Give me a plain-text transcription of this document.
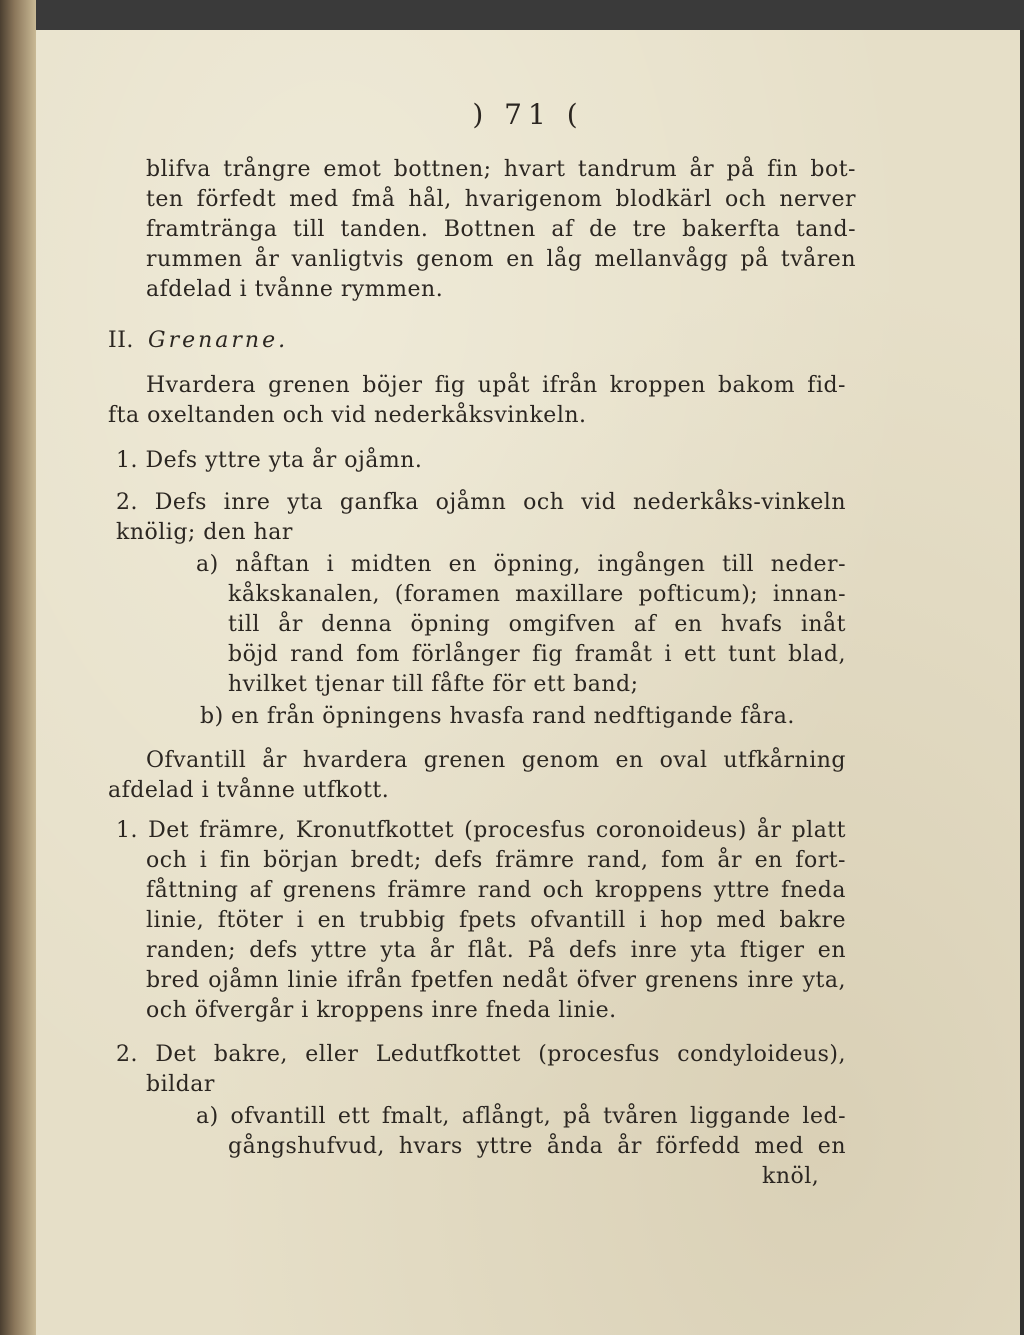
) 71 (
blifva trångre emot bottnen; hvart tandrum år på fin bot-
ten förfedt med fmå hål, hvarigenom blodkärl och nerver
framtränga till tanden. Bottnen af de tre bakerfta tand-
rummen år vanligtvis genom en låg mellanvågg på tvåren
afdelad i tvånne rymmen.
II. Grenarne.
Hvardera grenen böjer fig upåt ifrån kroppen bakom fid-
fta oxeltanden och vid nederkåksvinkeln.
1. Defs yttre yta år ojåmn.
2. Defs inre yta ganfka ojåmn och vid nederkåks-vinkeln
knölig; den har
a) nåftan i midten en öpning, ingången till neder-
kåkskanalen, (foramen maxillare pofticum); innan-
till år denna öpning omgifven af en hvafs inåt
böjd rand fom förlånger fig framåt i ett tunt blad,
hvilket tjenar till fåfte för ett band;
b) en från öpningens hvasfa rand nedftigande fåra.
Ofvantill år hvardera grenen genom en oval utfkårning
afdelad i tvånne utfkott.
1. Det främre, Kronutfkottet (procesfus coronoideus) år platt
och i fin början bredt; defs främre rand, fom år en fort-
fåttning af grenens främre rand och kroppens yttre fneda
linie, ftöter i en trubbig fpets ofvantill i hop med bakre
randen; defs yttre yta år flåt. På defs inre yta ftiger en
bred ojåmn linie ifrån fpetfen nedåt öfver grenens inre yta,
och öfvergår i kroppens inre fneda linie.
2. Det bakre, eller Ledutfkottet (procesfus condyloideus),
bildar
a) ofvantill ett fmalt, aflångt, på tvåren liggande led-
gångshufvud, hvars yttre ånda år förfedd med en
knöl,
